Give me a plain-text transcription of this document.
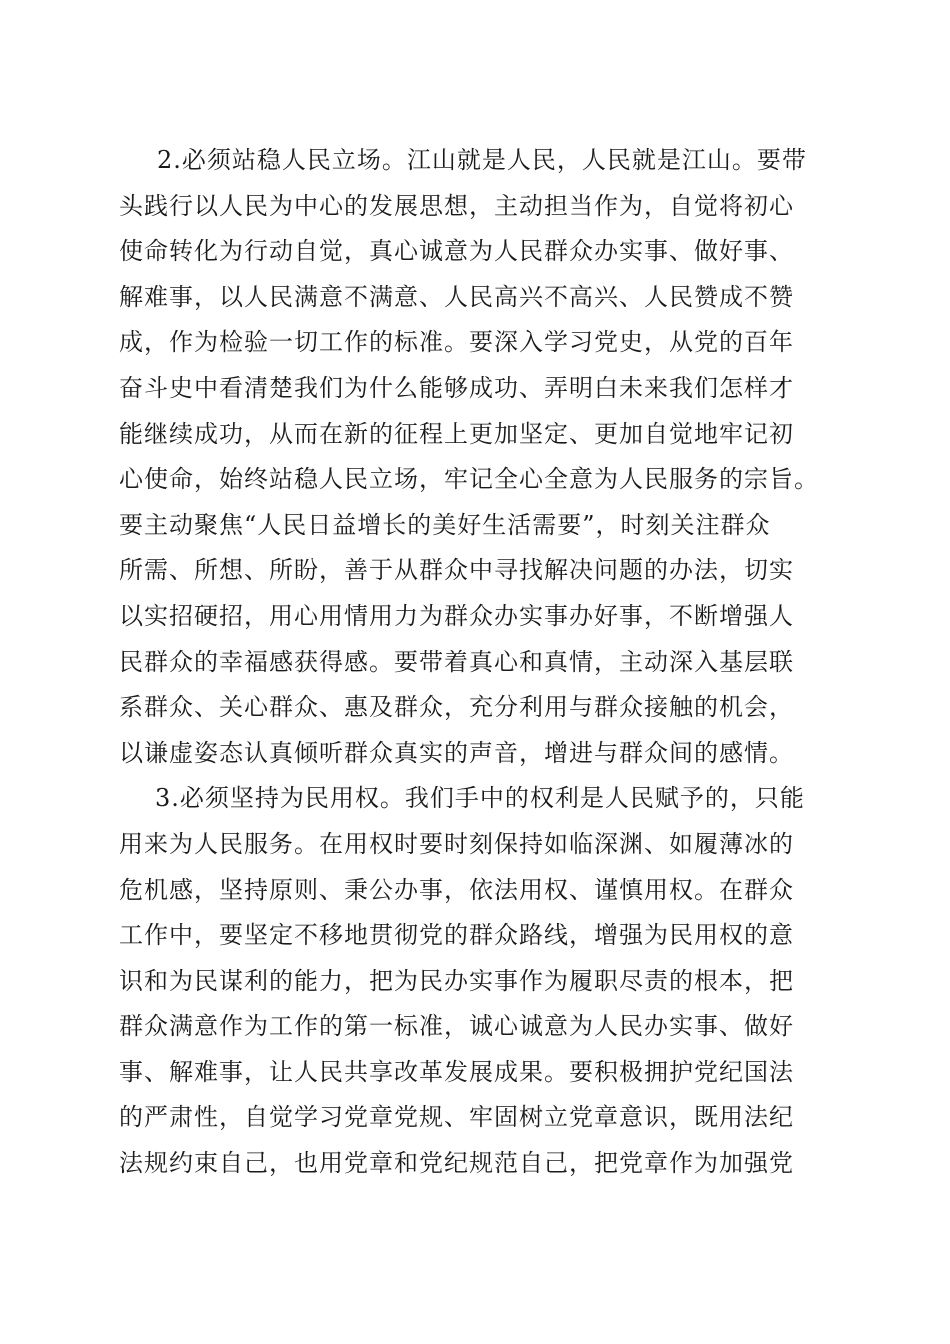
2.必须站稳人民立场。江山就是人民，人民就是江山。要带
头践行以人民为中心的发展思想，主动担当作为，自觉将初心
使命转化为行动自觉，真心诚意为人民群众办实事、做好事、
解难事，以人民满意不满意、人民高兴不高兴、人民赞成不赞
成，作为检验一切工作的标准。要深入学习党史，从党的百年
奋斗史中看清楚我们为什么能够成功、弄明白未来我们怎样才
能继续成功，从而在新的征程上更加坚定、更加自觉地牢记初
心使命，始终站稳人民立场，牢记全心全意为人民服务的宗旨。
要主动聚焦“人民日益增长的美好生活需要”，时刻关注群众
所需、所想、所盼，善于从群众中寻找解决问题的办法，切实
以实招硬招，用心用情用力为群众办实事办好事，不断增强人
民群众的幸福感获得感。要带着真心和真情，主动深入基层联
系群众、关心群众、惠及群众，充分利用与群众接触的机会，
以谦虚姿态认真倾听群众真实的声音，增进与群众间的感情。
3.必须坚持为民用权。我们手中的权利是人民赋予的，只能
用来为人民服务。在用权时要时刻保持如临深渊、如履薄冰的
危机感，坚持原则、秉公办事，依法用权、谨慎用权。在群众
工作中，要坚定不移地贯彻党的群众路线，增强为民用权的意
识和为民谋利的能力，把为民办实事作为履职尽责的根本，把
群众满意作为工作的第一标准，诚心诚意为人民办实事、做好
事、解难事，让人民共享改革发展成果。要积极拥护党纪国法
的严肃性，自觉学习党章党规、牢固树立党章意识，既用法纪
法规约束自己，也用党章和党纪规范自己，把党章作为加强党
